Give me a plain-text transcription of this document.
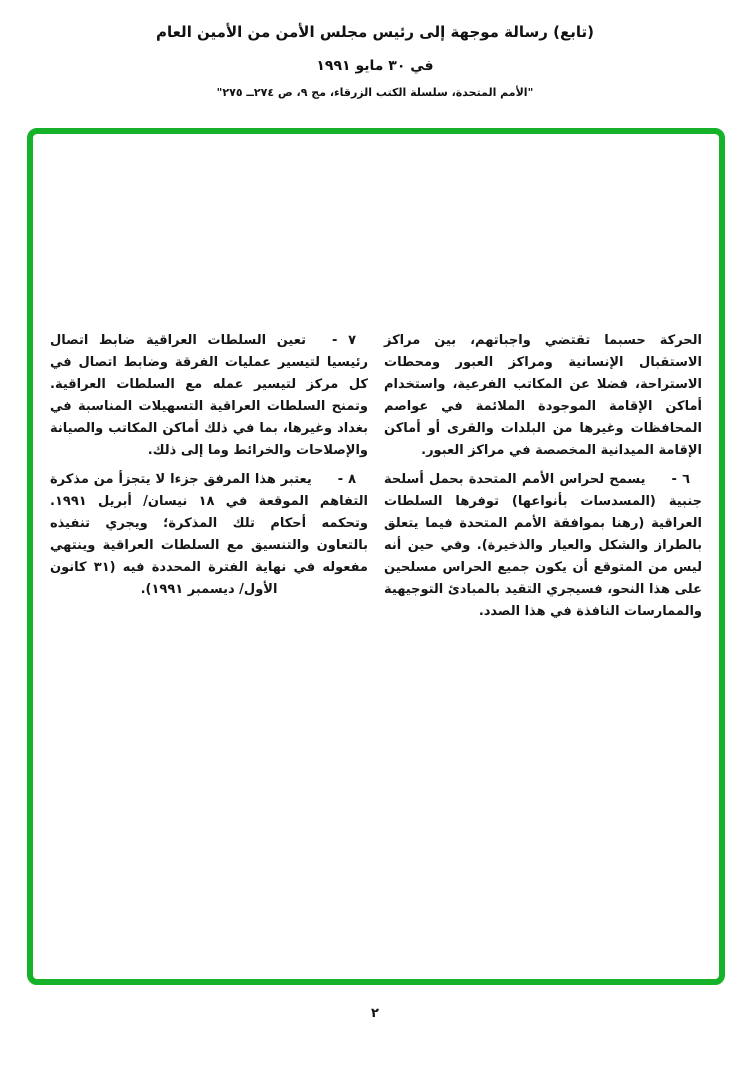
(تابع) رسالة موجهة إلى رئيس مجلس الأمن من الأمين العام
في ٣٠ مايو ١٩٩١
"الأمم المتحدة، سلسلة الكتب الزرقاء، مج ٩، ص ٢٧٤ــ ٢٧٥"

الحركة حسبما تقتضي واجباتهم، بين مراكز الاستقبال الإنسانية ومراكز العبور ومحطات الاستراحة، فضلا عن المكاتب الفرعية، واستخدام أماكن الإقامة الموجودة الملائمة في عواصم المحافظات وغيرها من البلدات والقرى أو أماكن الإقامة الميدانية المخصصة في مراكز العبور.

٦ -يسمح لحراس الأمم المتحدة بحمل أسلحة جنبية (المسدسات بأنواعها) توفرها السلطات العراقية (رهنا بموافقة الأمم المتحدة فيما يتعلق بالطراز والشكل والعيار والذخيرة). وفي حين أنه ليس من المتوقع أن يكون جميع الحراس مسلحين على هذا النحو، فسيجري التقيد بالمبادئ التوجيهية والممارسات النافذة في هذا الصدد.

٧ -تعين السلطات العراقية ضابط اتصال رئيسيا لتيسير عمليات الفرقة وضابط اتصال في كل مركز لتيسير عمله مع السلطات العراقية. وتمنح السلطات العراقية التسهيلات المناسبة في بغداد وغيرها، بما في ذلك أماكن المكاتب والصيانة والإصلاحات والخرائط وما إلى ذلك.

٨ -يعتبر هذا المرفق جزءا لا يتجزأ من مذكرة التفاهم الموقعة في ١٨ نيسان/ أبريل ١٩٩١. وتحكمه أحكام تلك المذكرة؛ ويجري تنفيذه بالتعاون والتنسيق مع السلطات العراقية وينتهي مفعوله في نهاية الفترة المحددة فيه (٣١ كانون الأول/ ديسمبر ١٩٩١).

٢
